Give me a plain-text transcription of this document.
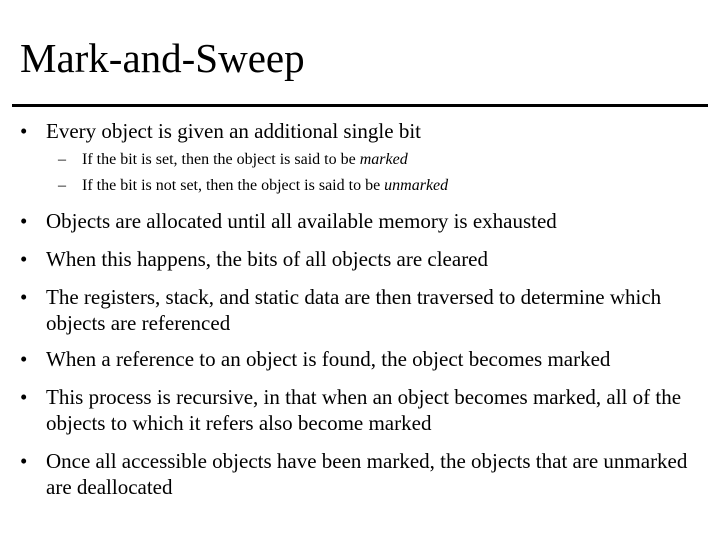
Mark-and-Sweep
• Every object is given an additional single bit
– If the bit is set, then the object is said to be marked
– If the bit is not set, then the object is said to be unmarked
• Objects are allocated until all available memory is exhausted
• When this happens, the bits of all objects are cleared
• The registers, stack, and static data are then traversed to determine which objects are referenced
• When a reference to an object is found, the object becomes marked
• This process is recursive, in that when an object becomes marked, all of the objects to which it refers also become marked
• Once all accessible objects have been marked, the objects that are unmarked are deallocated
